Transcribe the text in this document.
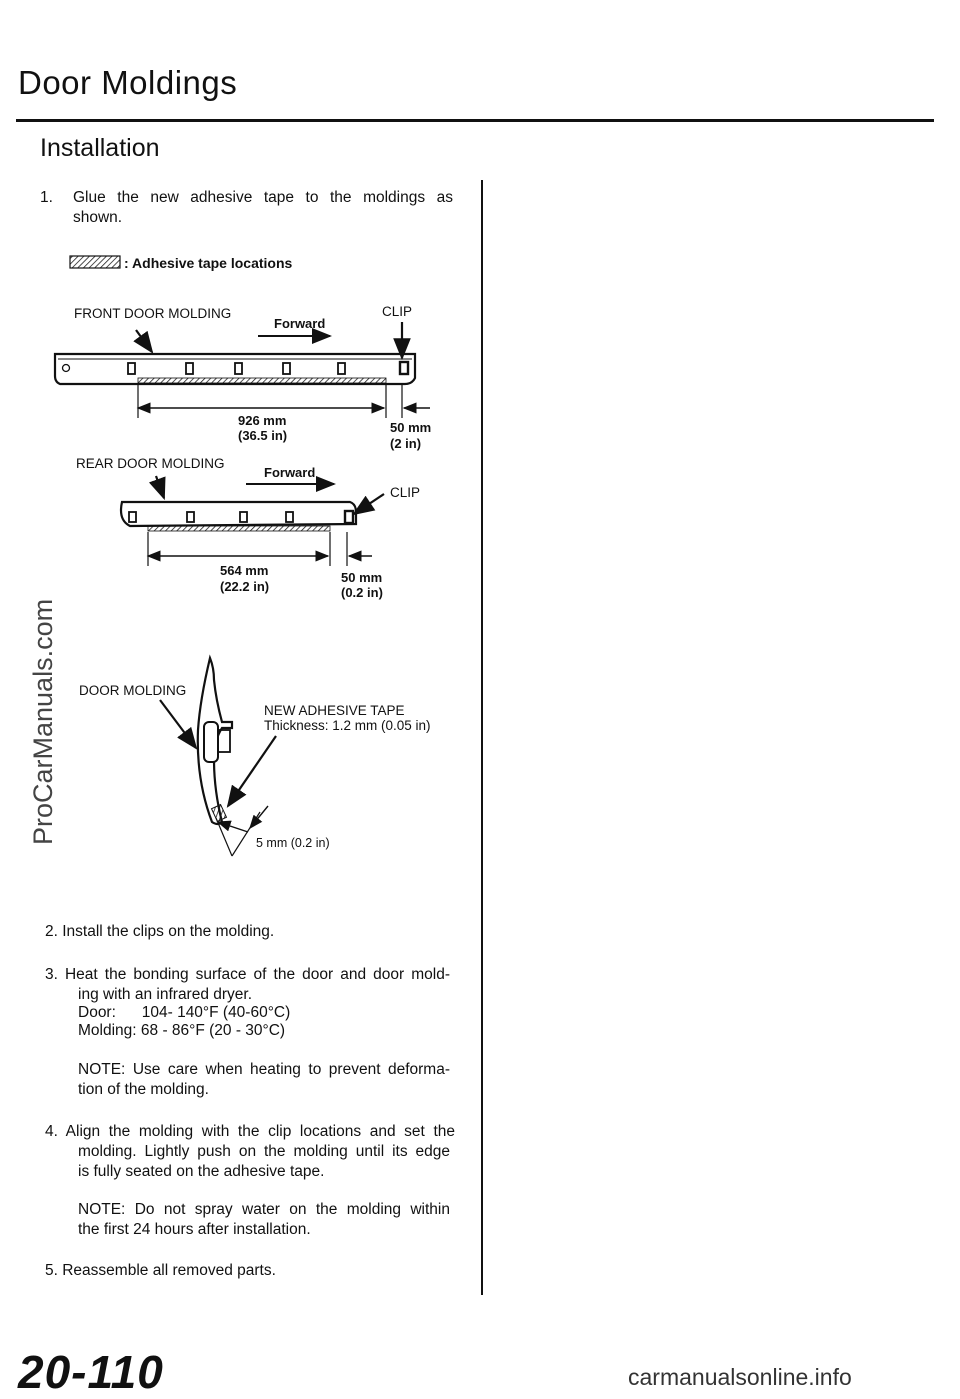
Door Moldings
Installation
1. Glue the new adhesive tape to the moldings as
shown.
: Adhesive tape locations
FRONT DOOR MOLDING
Forward
CLIP
926 mm
(36.5 in)
50 mm
(2 in)
REAR DOOR MOLDING
Forward
CLIP
564 mm
(22.2 in)
50 mm
(0.2 in)
DOOR MOLDING
NEW ADHESIVE TAPE
Thickness: 1.2 mm (0.05 in)
5 mm (0.2 in)
2. Install the clips on the molding.
3. Heat the bonding surface of the door and door mold-
ing with an infrared dryer.
Door:      104- 140°F (40-60°C)
Molding: 68 - 86°F (20 - 30°C)
NOTE: Use care when heating to prevent deforma-
tion of the molding.
4. Align the molding with the clip locations and set the
molding. Lightly push on the molding until its edge
is fully seated on the adhesive tape.
NOTE: Do not spray water on the molding within
the first 24 hours after installation.
5. Reassemble all removed parts.
ProCarManuals.com
20-110	carmanualsonline.info
